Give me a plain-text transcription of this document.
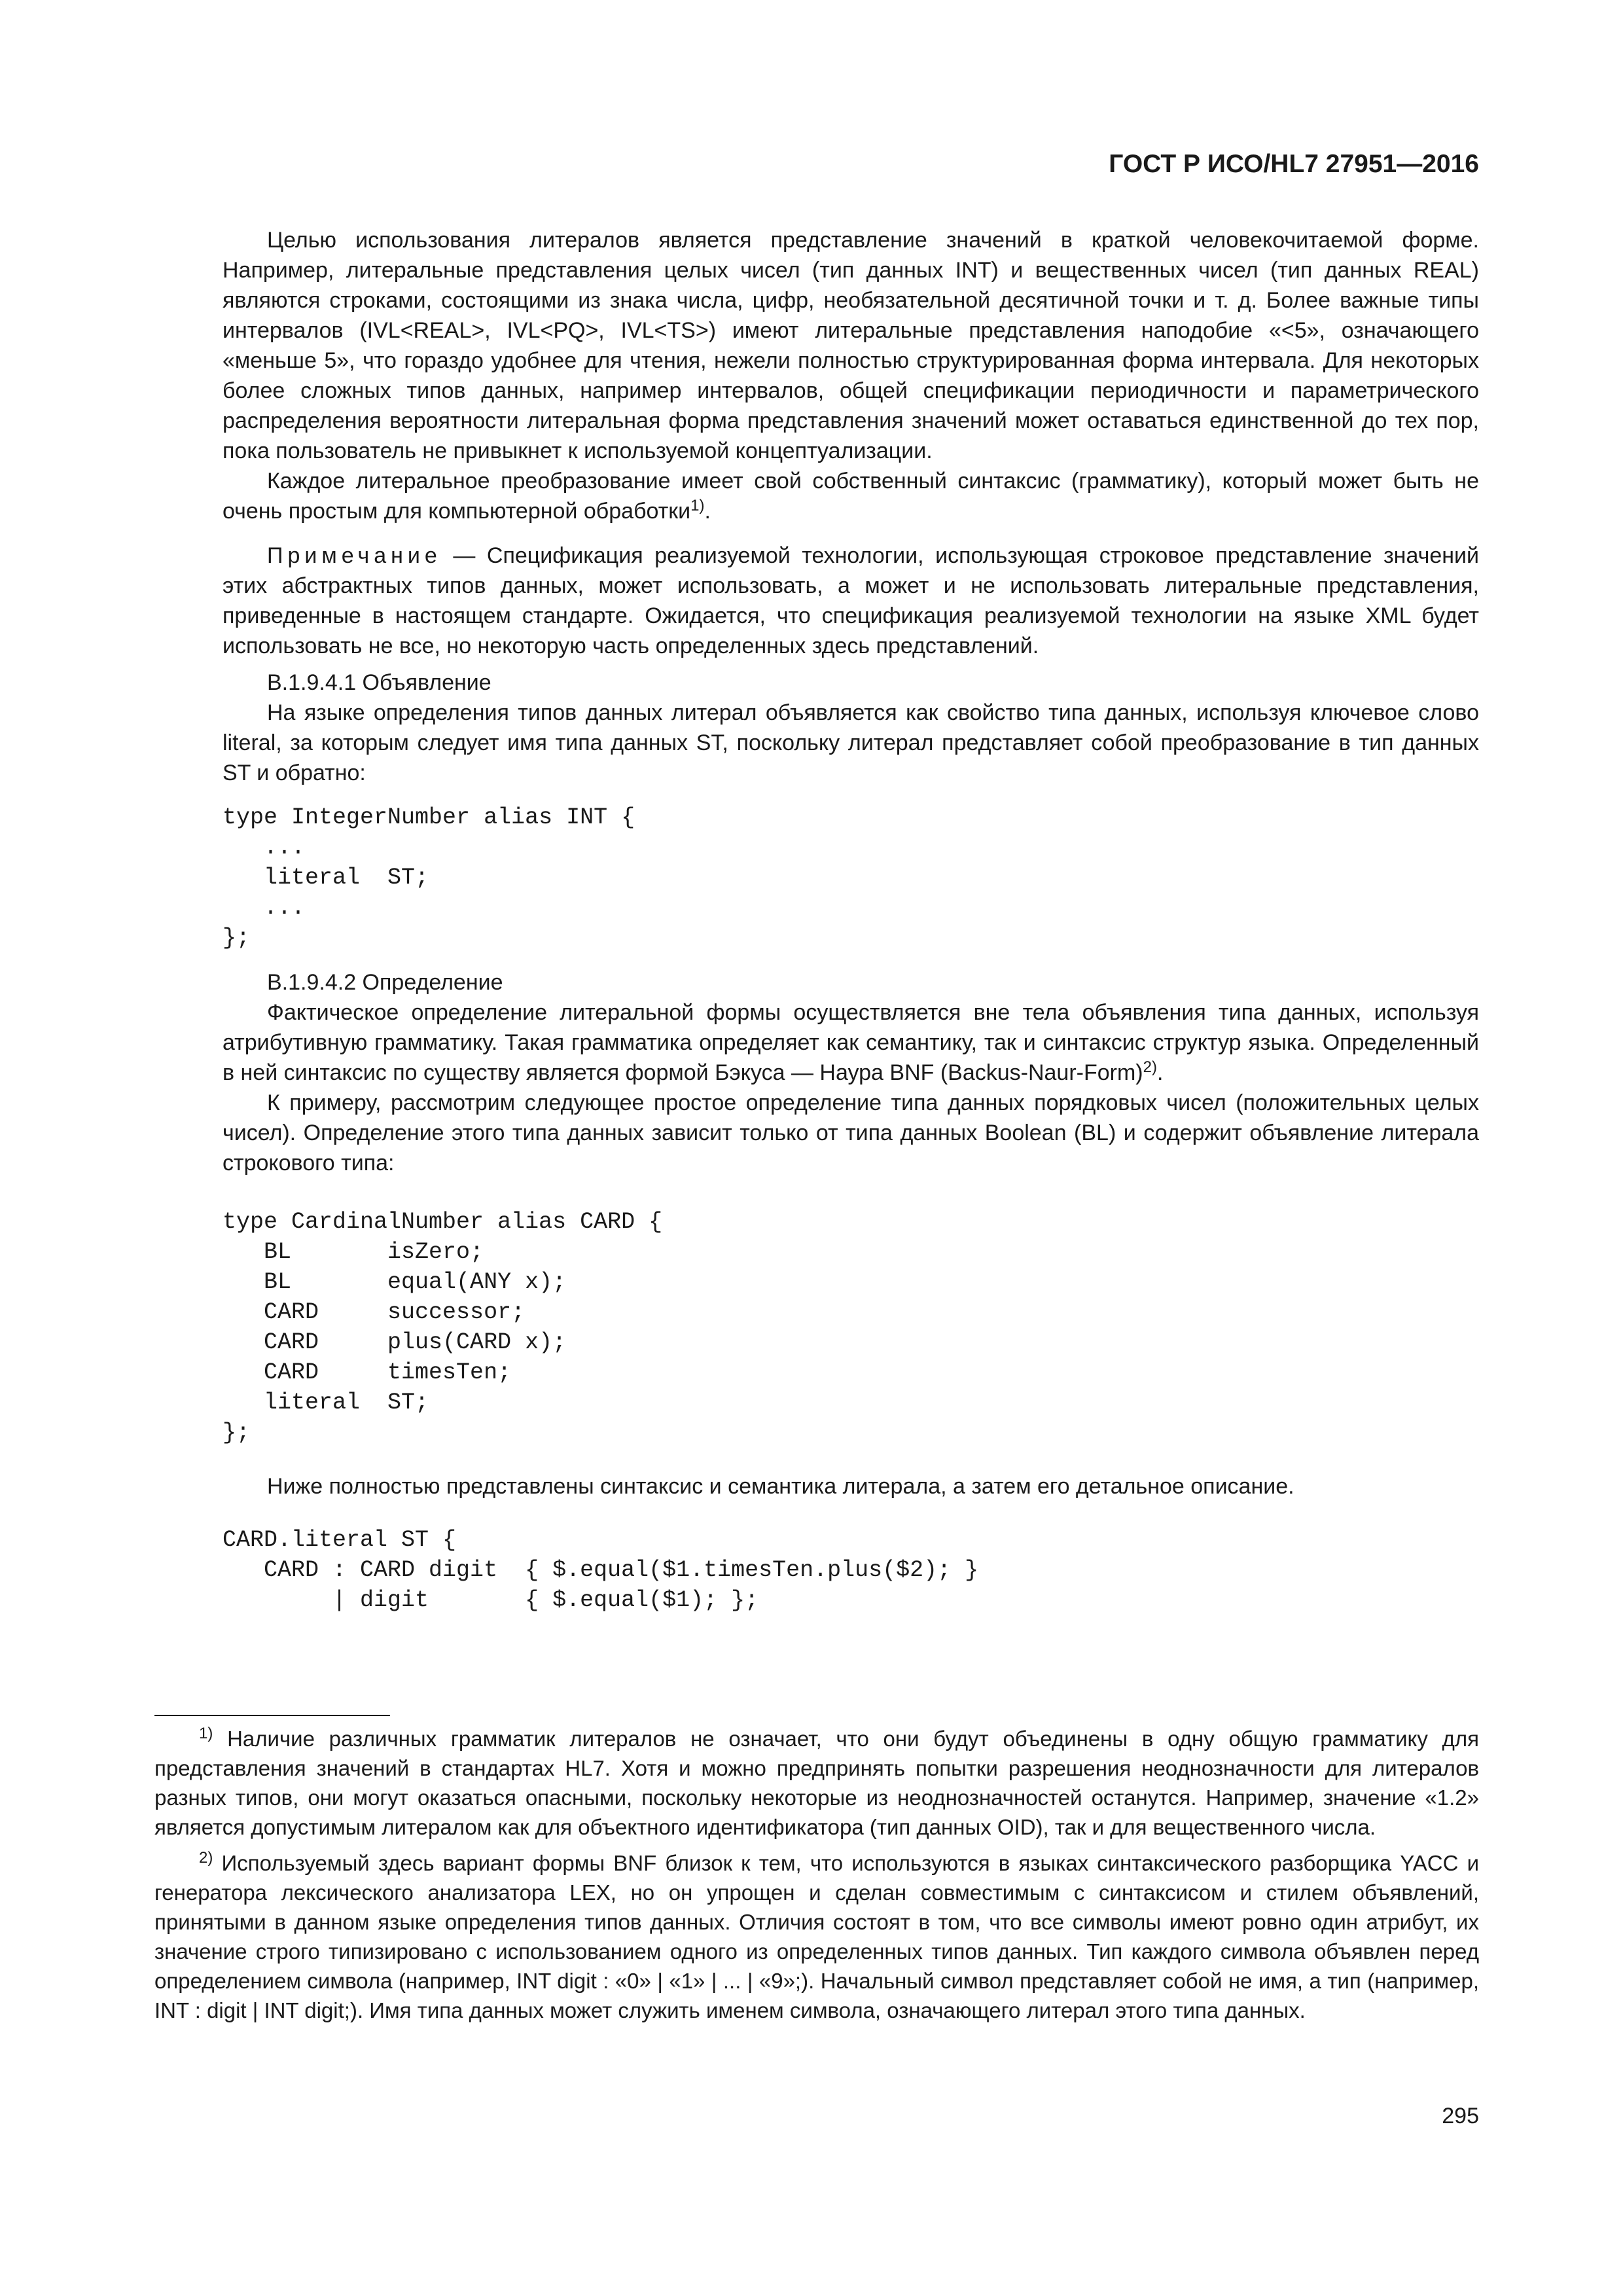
ГОСТ Р ИСО/HL7 27951—2016

Целью использования литералов является представление значений в краткой человекочитаемой форме. Например, литеральные представления целых чисел (тип данных INT) и вещественных чисел (тип данных REAL) являются строками, состоящими из знака числа, цифр, необязательной десятичной точки и т. д. Более важные типы интервалов (IVL<REAL>, IVL<PQ>, IVL<TS>) имеют литеральные представления наподобие «<5», означающего «меньше 5», что гораздо удобнее для чтения, нежели полностью структурированная форма интервала. Для некоторых более сложных типов данных, например интервалов, общей спецификации периодичности и параметрического распределения вероятности литеральная форма представления значений может оставаться единственной до тех пор, пока пользователь не привыкнет к используемой концептуализации.

Каждое литеральное преобразование имеет свой собственный синтаксис (грамматику), который может быть не очень простым для компьютерной обработки$^{1)}$.

Примечание — Спецификация реализуемой технологии, использующая строковое представление значений этих абстрактных типов данных, может использовать, а может и не использовать литеральные представления, приведенные в настоящем стандарте. Ожидается, что спецификация реализуемой технологии на языке XML будет использовать не все, но некоторую часть определенных здесь представлений.

B.1.9.4.1 Объявление

На языке определения типов данных литерал объявляется как свойство типа данных, используя ключевое слово literal, за которым следует имя типа данных ST, поскольку литерал представляет собой преобразование в тип данных ST и обратно:

type IntegerNumber alias INT {
...
literal  ST;
...
};

B.1.9.4.2 Определение

Фактическое определение литеральной формы осуществляется вне тела объявления типа данных, используя атрибутивную грамматику. Такая грамматика определяет как семантику, так и синтаксис структур языка. Определенный в ней синтаксис по существу является формой Бэкуса — Наура BNF (Backus-Naur-Form)$^{2)}$.

К примеру, рассмотрим следующее простое определение типа данных порядковых чисел (положительных целых чисел). Определение этого типа данных зависит только от типа данных Boolean (BL) и содержит объявление литерала строкового типа:

type CardinalNumber alias CARD {
BL       isZero;
BL       equal(ANY x);
CARD     successor;
CARD     plus(CARD x);
CARD     timesTen;
literal  ST;
};

Ниже полностью представлены синтаксис и семантика литерала, а затем его детальное описание.

CARD.literal ST {
CARD : CARD digit  { $.equal($1.timesTen.plus($2); }
| digit       { $.equal($1); };

$^{1)}$ Наличие различных грамматик литералов не означает, что они будут объединены в одну общую грамматику для представления значений в стандартах HL7. Хотя и можно предпринять попытки разрешения неоднозначности для литералов разных типов, они могут оказаться опасными, поскольку некоторые из неоднозначностей останутся. Например, значение «1.2» является допустимым литералом как для объектного идентификатора (тип данных OID), так и для вещественного числа.

$^{2)}$ Используемый здесь вариант формы BNF близок к тем, что используются в языках синтаксического разборщика YACC и генератора лексического анализатора LEX, но он упрощен и сделан совместимым с синтаксисом и стилем объявлений, принятыми в данном языке определения типов данных. Отличия состоят в том, что все символы имеют ровно один атрибут, их значение строго типизировано с использованием одного из определенных типов данных. Тип каждого символа объявлен перед определением символа (например, INT digit : «0» | «1» | ... | «9»;). Начальный символ представляет собой не имя, а тип (например, INT : digit | INT digit;). Имя типа данных может служить именем символа, означающего литерал этого типа данных.

295
